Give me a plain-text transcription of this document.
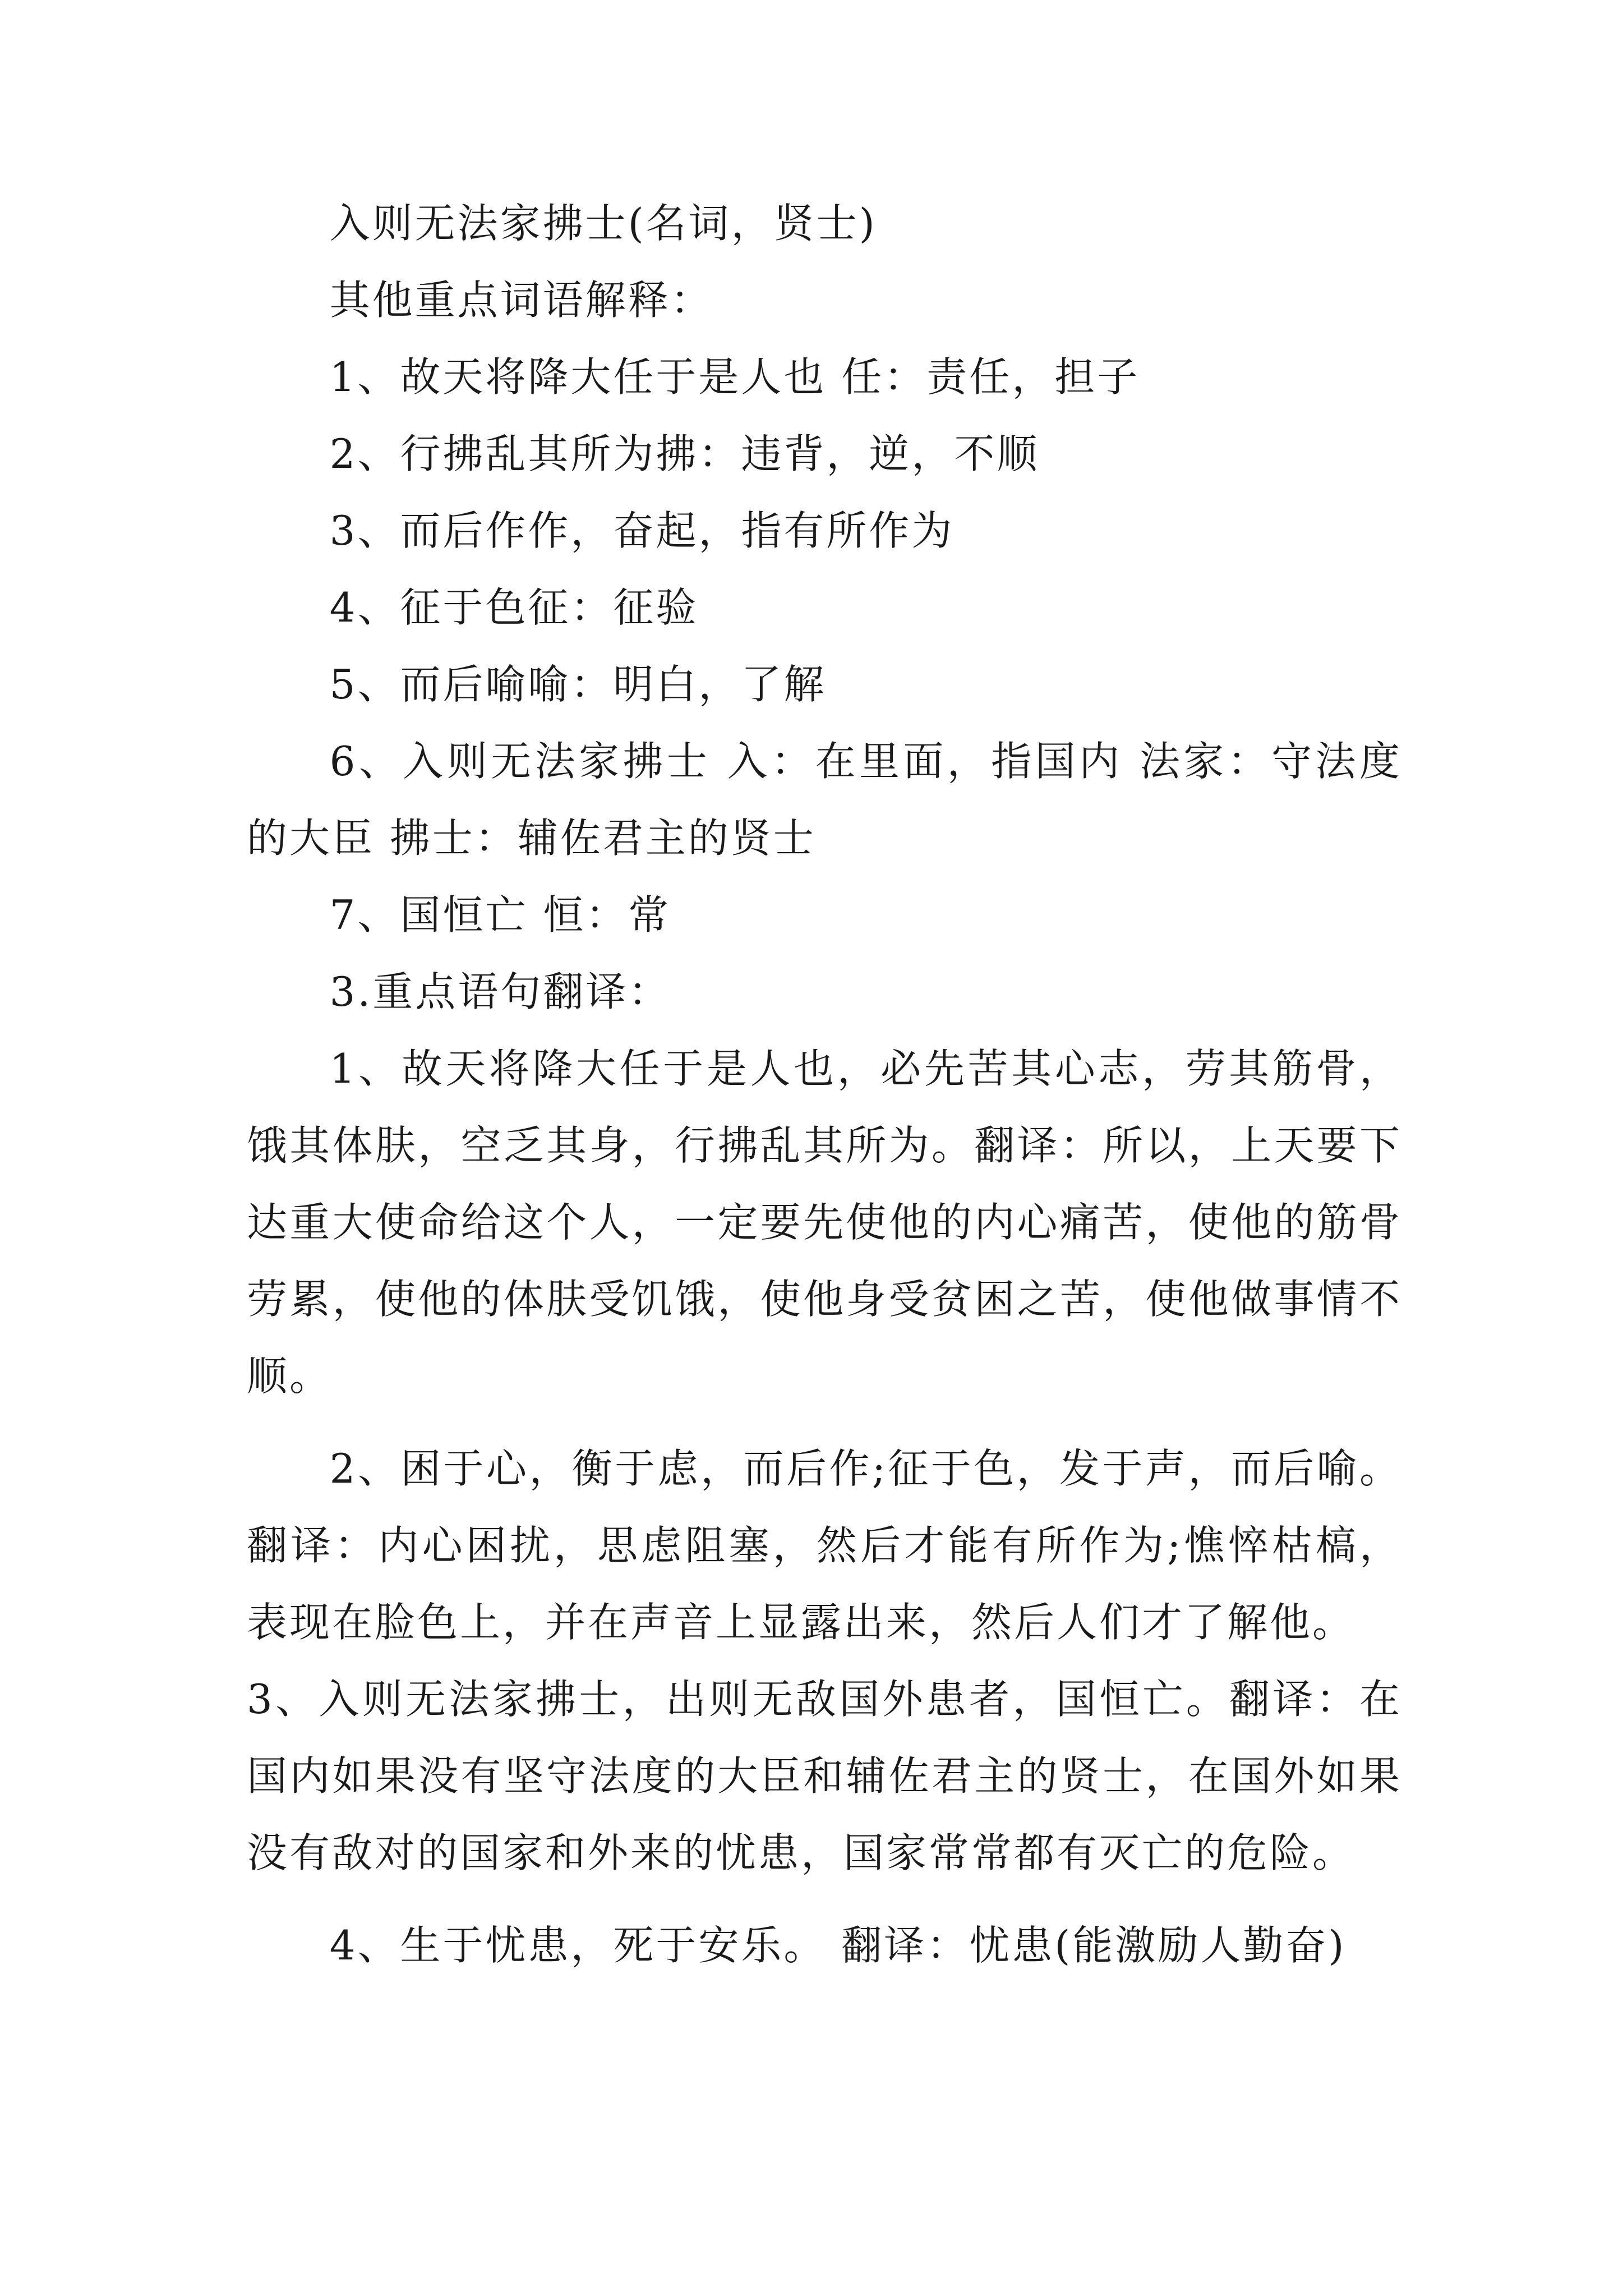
入则无法家拂士(名词，贤士)

其他重点词语解释：

1、故天将降大任于是人也 任：责任，担子

2、行拂乱其所为拂：违背，逆，不顺

3、而后作作，奋起，指有所作为

4、征于色征：征验

5、而后喻喻：明白，了解

6、入则无法家拂士 入：在里面，指国内 法家：守法度的大臣 拂士：辅佐君主的贤士

7、国恒亡 恒：常

3.重点语句翻译：

1、故天将降大任于是人也，必先苦其心志，劳其筋骨，饿其体肤，空乏其身，行拂乱其所为。翻译：所以，上天要下达重大使命给这个人，一定要先使他的内心痛苦，使他的筋骨劳累，使他的体肤受饥饿，使他身受贫困之苦，使他做事情不顺。

2、困于心，衡于虑，而后作;征于色，发于声，而后喻。翻译：内心困扰，思虑阻塞，然后才能有所作为;憔悴枯槁，表现在脸色上，并在声音上显露出来，然后人们才了解他。

3、入则无法家拂士，出则无敌国外患者，国恒亡。翻译：在国内如果没有坚守法度的大臣和辅佐君主的贤士，在国外如果没有敌对的国家和外来的忧患，国家常常都有灭亡的危险。

4、生于忧患，死于安乐。 翻译：忧患(能激励人勤奋)
